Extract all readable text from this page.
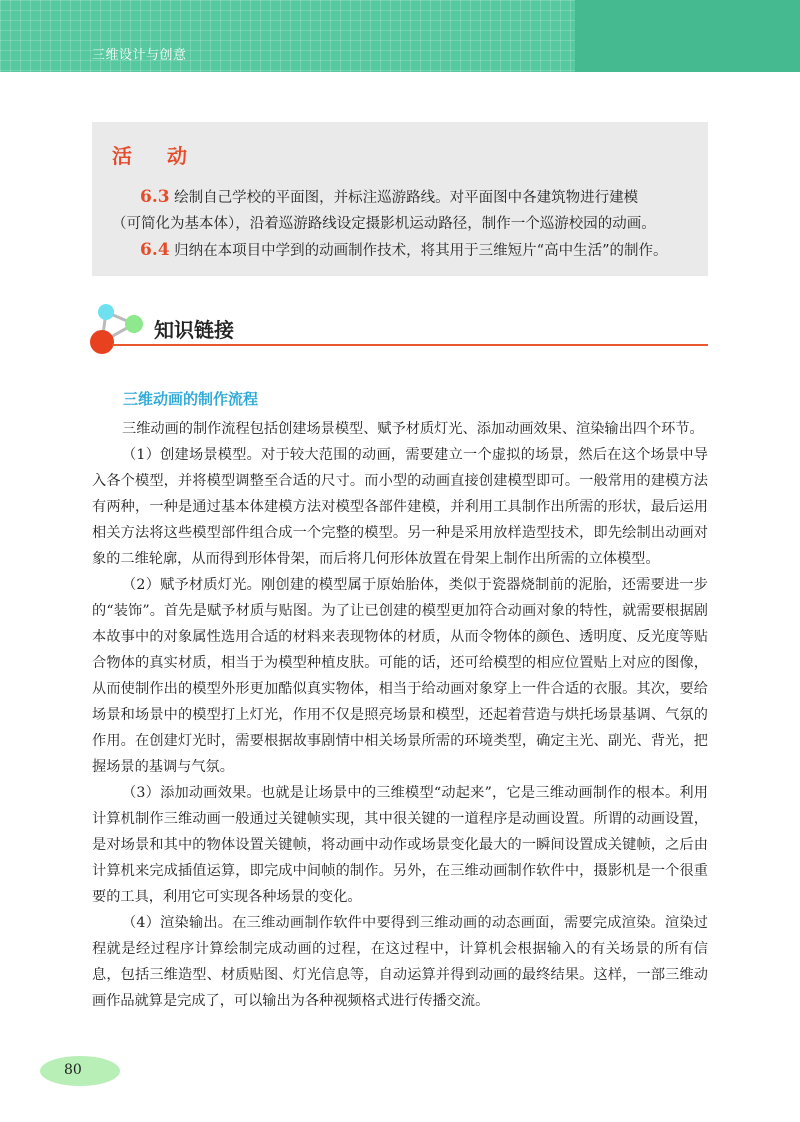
三维设计与创意
活 动

6.3 绘制自己学校的平面图，并标注巡游路线。对平面图中各建筑物进行建模

（可简化为基本体），沿着巡游路线设定摄影机运动路径，制作一个巡游校园的动画。

6.4 归纳在本项目中学到的动画制作技术，将其用于三维短片“高中生活”的制作。

知识链接
三维动画的制作流程

三维动画的制作流程包括创建场景模型、赋予材质灯光、添加动画效果、渲染输出四个环节。

（1）创建场景模型。对于较大范围的动画，需要建立一个虚拟的场景，然后在这个场景中导入各个模型，并将模型调整至合适的尺寸。而小型的动画直接创建模型即可。一般常用的建模方法有两种，一种是通过基本体建模方法对模型各部件建模，并利用工具制作出所需的形状，最后运用相关方法将这些模型部件组合成一个完整的模型。另一种是采用放样造型技术，即先绘制出动画对象的二维轮廓，从而得到形体骨架，而后将几何形体放置在骨架上制作出所需的立体模型。

（2）赋予材质灯光。刚创建的模型属于原始胎体，类似于瓷器烧制前的泥胎，还需要进一步的“装饰”。首先是赋予材质与贴图。为了让已创建的模型更加符合动画对象的特性，就需要根据剧本故事中的对象属性选用合适的材料来表现物体的材质，从而令物体的颜色、透明度、反光度等贴合物体的真实材质，相当于为模型种植皮肤。可能的话，还可给模型的相应位置贴上对应的图像，从而使制作出的模型外形更加酷似真实物体，相当于给动画对象穿上一件合适的衣服。其次，要给场景和场景中的模型打上灯光，作用不仅是照亮场景和模型，还起着营造与烘托场景基调、气氛的作用。在创建灯光时，需要根据故事剧情中相关场景所需的环境类型，确定主光、副光、背光，把握场景的基调与气氛。

（3）添加动画效果。也就是让场景中的三维模型“动起来”，它是三维动画制作的根本。利用计算机制作三维动画一般通过关键帧实现，其中很关键的一道程序是动画设置。所谓的动画设置，是对场景和其中的物体设置关键帧，将动画中动作或场景变化最大的一瞬间设置成关键帧，之后由计算机来完成插值运算，即完成中间帧的制作。另外，在三维动画制作软件中，摄影机是一个很重要的工具，利用它可实现各种场景的变化。

（4）渲染输出。在三维动画制作软件中要得到三维动画的动态画面，需要完成渲染。渲染过程就是经过程序计算绘制完成动画的过程，在这过程中，计算机会根据输入的有关场景的所有信息，包括三维造型、材质贴图、灯光信息等，自动运算并得到动画的最终结果。这样，一部三维动画作品就算是完成了，可以输出为各种视频格式进行传播交流。

80
